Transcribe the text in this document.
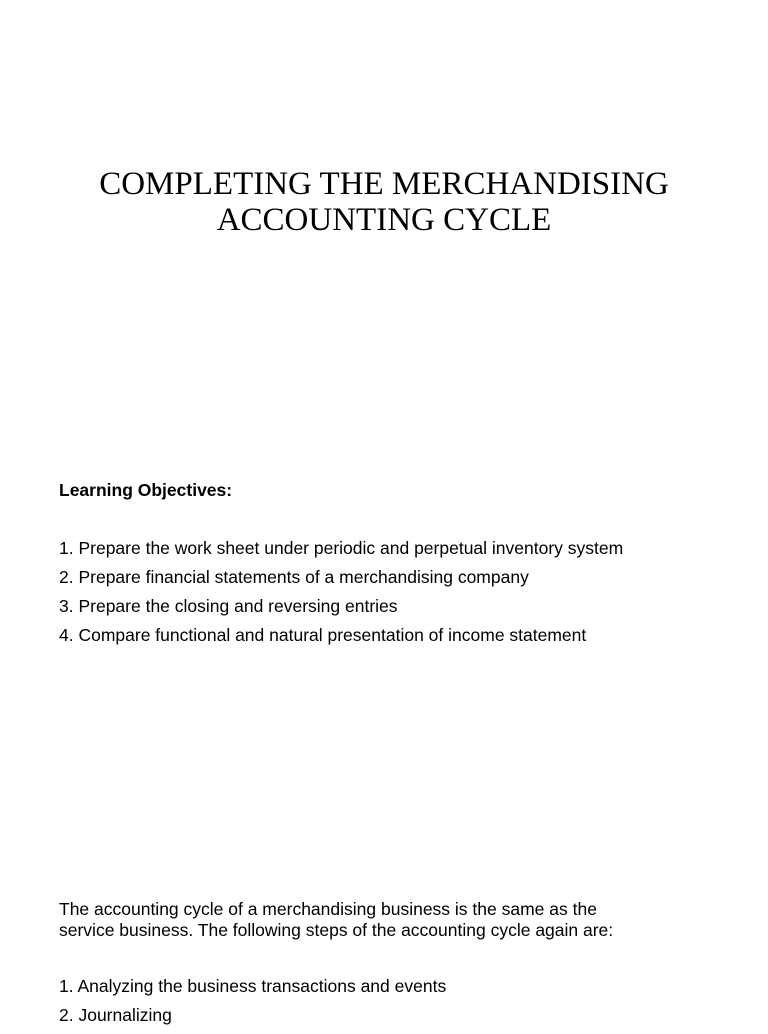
COMPLETING THE MERCHANDISING
ACCOUNTING CYCLE
Learning Objectives:
1. Prepare the work sheet under periodic and perpetual inventory system
2. Prepare financial statements of a merchandising company
3. Prepare the closing and reversing entries
4. Compare functional and natural presentation of income statement

The accounting cycle of a merchandising business is the same as the
service business. The following steps of the accounting cycle again are:

1. Analyzing the business transactions and events
2. Journalizing
